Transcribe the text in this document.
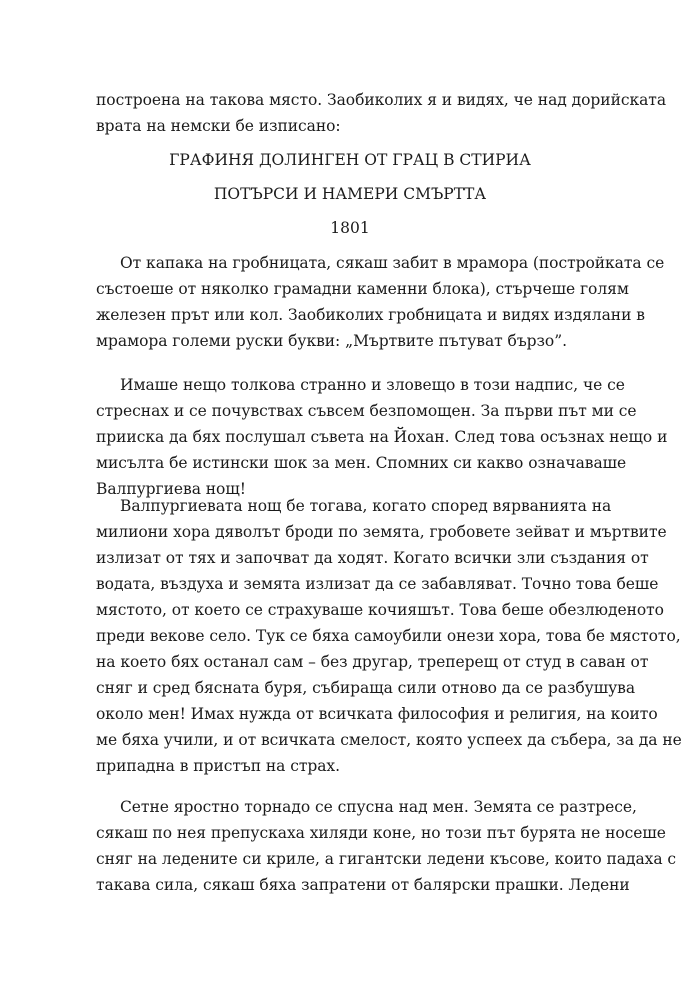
построена на такова място. Заобиколих я и видях, че над дорийската
врата на немски бе изписано:
ГРАФИНЯ ДОЛИНГЕН ОТ ГРАЦ В СТИРИА
ПОТЪРСИ И НАМЕРИ СМЪРТТА
1801
От капака на гробницата, сякаш забит в мрамора (постройката се
състоеше от няколко грамадни каменни блока), стърчеше голям
железен прът или кол. Заобиколих гробницата и видях издялани в
мрамора големи руски букви: „Мъртвите пътуват бързо”.
Имаше нещо толкова странно и зловещо в този надпис, че се
стреснах и се почувствах съвсем безпомощен. За първи път ми се
прииска да бях послушал съвета на Йохан. След това осъзнах нещо и
мисълта бе истински шок за мен. Спомних си какво означаваше
Валпургиева нощ!
Валпургиевата нощ бе тогава, когато според вярванията на
милиони хора дяволът броди по земята, гробовете зейват и мъртвите
излизат от тях и започват да ходят. Когато всички зли създания от
водата, въздуха и земята излизат да се забавляват. Точно това беше
мястото, от което се страхуваше кочияшът. Това беше обезлюденото
преди векове село. Тук се бяха самоубили онези хора, това бе мястото,
на което бях останал сам – без другар, треперещ от студ в саван от
сняг и сред бясната буря, събираща сили отново да се разбушува
около мен! Имах нужда от всичката философия и религия, на които
ме бяха учили, и от всичката смелост, която успеех да събера, за да не
припадна в пристъп на страх.
Сетне яростно торнадо се спусна над мен. Земята се разтресе,
сякаш по нея препускаха хиляди коне, но този път бурята не носеше
сняг на ледените си криле, а гигантски ледени късове, които падаха с
такава сила, сякаш бяха запратени от балярски прашки. Ледени
